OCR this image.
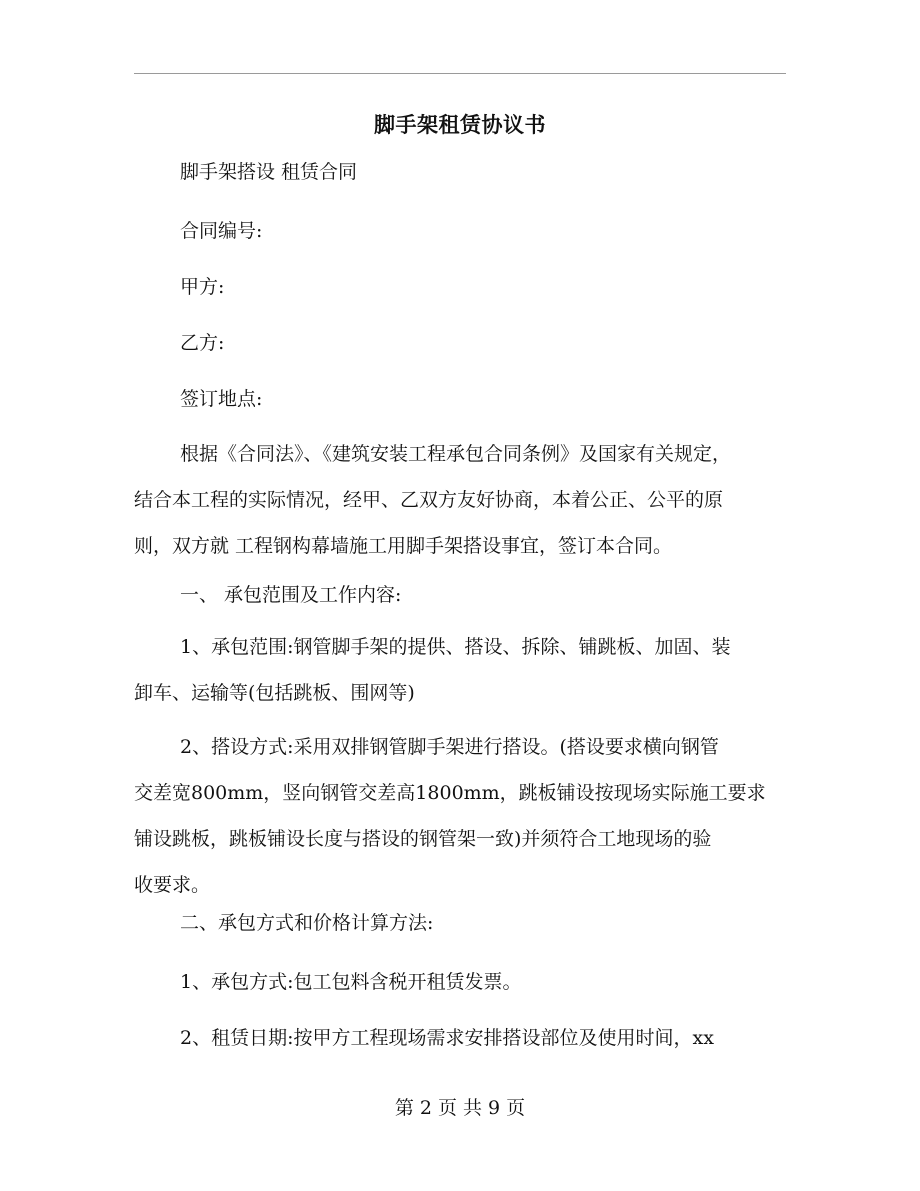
脚手架租赁协议书
脚手架搭设 租赁合同
合同编号:
甲方:
乙方:
签订地点:
根据《合同法》、《建筑安装工程承包合同条例》及国家有关规定，
结合本工程的实际情况，经甲、乙双方友好协商，本着公正、公平的原
则，双方就 工程钢构幕墙施工用脚手架搭设事宜，签订本合同。
一、 承包范围及工作内容:
1、承包范围:钢管脚手架的提供、搭设、拆除、铺跳板、加固、装
卸车、运输等(包括跳板、围网等)
2、搭设方式:采用双排钢管脚手架进行搭设。(搭设要求横向钢管
交差宽800mm，竖向钢管交差高1800mm，跳板铺设按现场实际施工要求
铺设跳板，跳板铺设长度与搭设的钢管架一致)并须符合工地现场的验
收要求。
二、承包方式和价格计算方法:
1、承包方式:包工包料含税开租赁发票。
2、租赁日期:按甲方工程现场需求安排搭设部位及使用时间，xx
第 2 页 共 9 页
